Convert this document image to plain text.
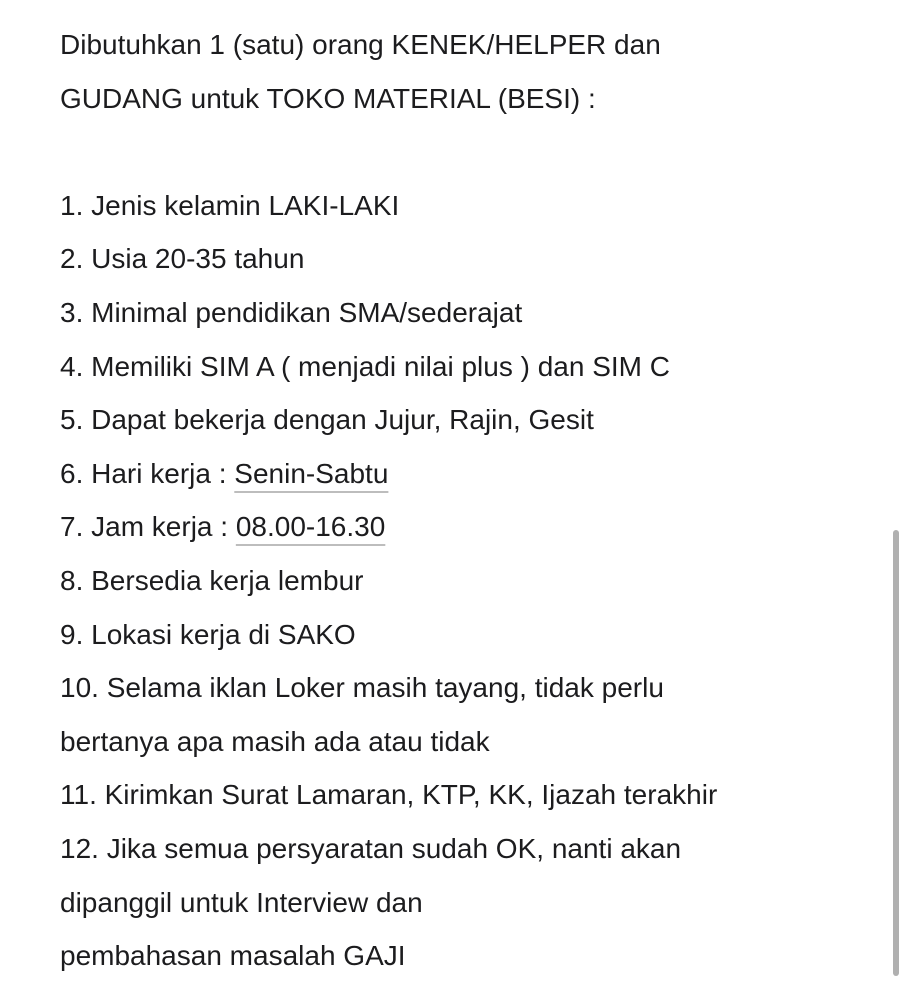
Dibutuhkan 1 (satu) orang KENEK/HELPER dan
GUDANG untuk TOKO MATERIAL (BESI) :
1. Jenis kelamin LAKI-LAKI
2. Usia 20-35 tahun
3. Minimal pendidikan SMA/sederajat
4. Memiliki SIM A ( menjadi nilai plus ) dan SIM C
5. Dapat bekerja dengan Jujur, Rajin, Gesit
6. Hari kerja : Senin-Sabtu
7. Jam kerja : 08.00-16.30
8. Bersedia kerja lembur
9. Lokasi kerja di SAKO
10. Selama iklan Loker masih tayang, tidak perlu
bertanya apa masih ada atau tidak
11. Kirimkan Surat Lamaran, KTP, KK, Ijazah terakhir
12. Jika semua persyaratan sudah OK, nanti akan
dipanggil untuk Interview dan
pembahasan masalah GAJI
